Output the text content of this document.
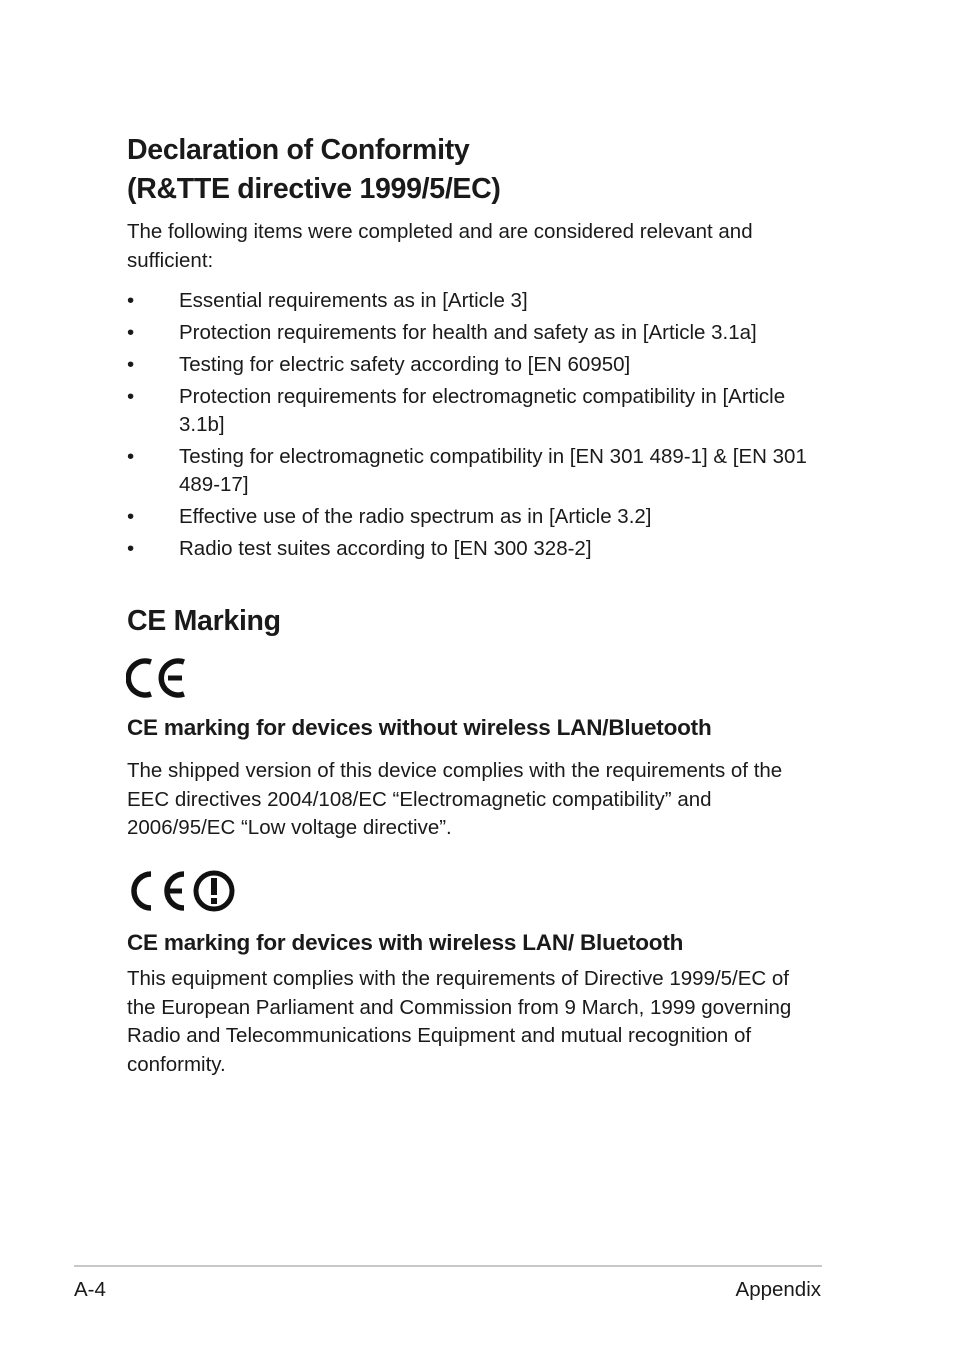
Declaration of Conformity
(R&TTE directive 1999/5/EC)
The following items were completed and are considered relevant and sufficient:
• Essential requirements as in [Article 3]
• Protection requirements for health and safety as in [Article 3.1a]
• Testing for electric safety according to [EN 60950]
• Protection requirements for electromagnetic compatibility in [Article 3.1b]
• Testing for electromagnetic compatibility in [EN 301 489-1] & [EN 301 489-17]
• Effective use of the radio spectrum as in [Article 3.2]
• Radio test suites according to [EN 300 328-2]
CE Marking
CE marking for devices without wireless LAN/Bluetooth
The shipped version of this device complies with the requirements of the EEC directives 2004/108/EC “Electromagnetic compatibility” and 2006/95/EC “Low voltage directive”.
CE marking for devices with wireless LAN/ Bluetooth
This equipment complies with the requirements of Directive 1999/5/EC of the European Parliament and Commission from 9 March, 1999 governing Radio and Telecommunications Equipment and mutual recognition of conformity.
A-4	Appendix
